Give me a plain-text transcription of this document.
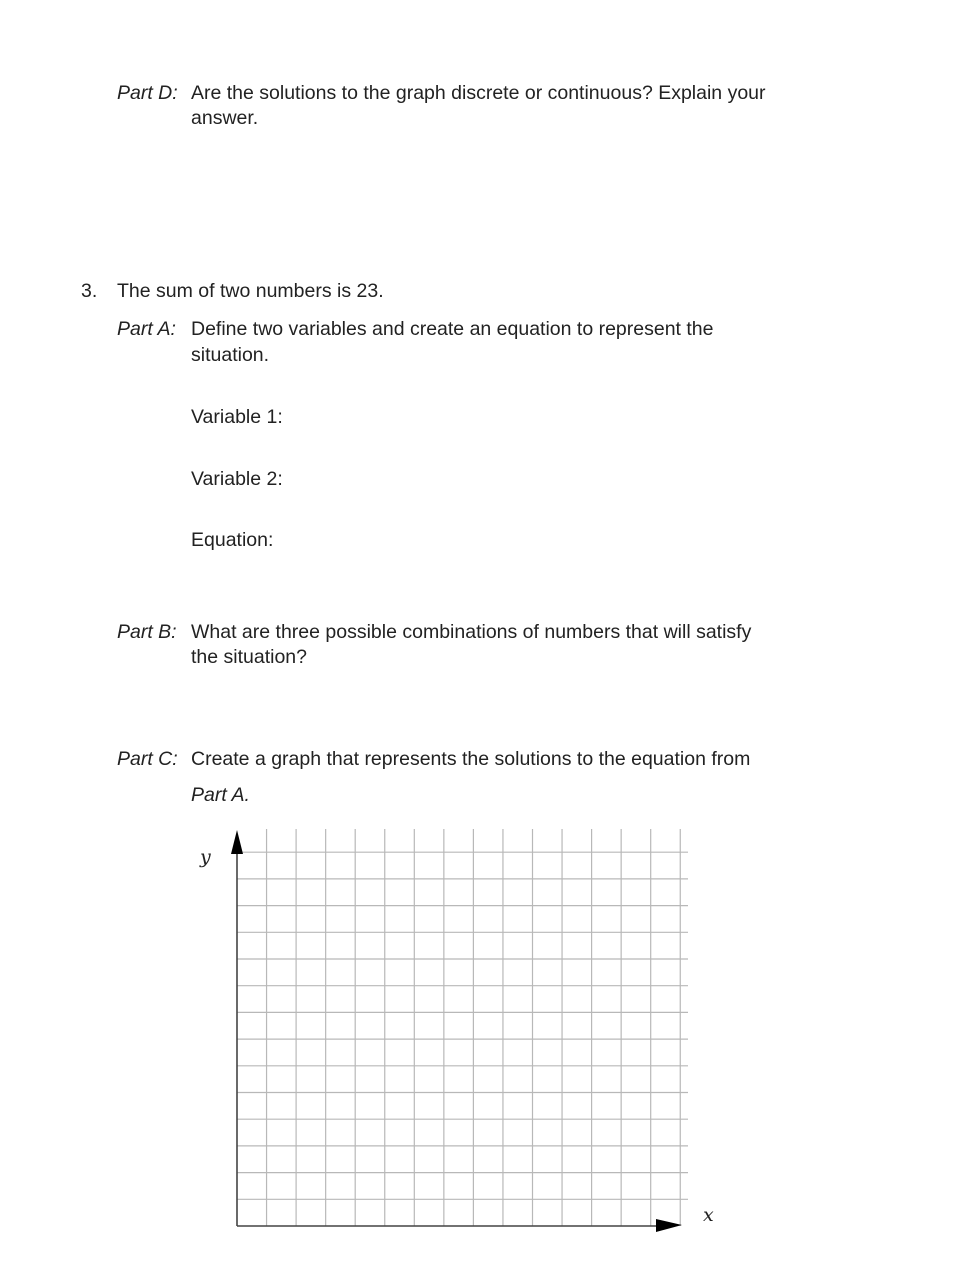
Part D: Are the solutions to the graph discrete or continuous? Explain your
answer.
3. The sum of two numbers is 23.
Part A: Define two variables and create an equation to represent the
situation.
Variable 1:
Variable 2:
Equation:
Part B: What are three possible combinations of numbers that will satisfy
the situation?
Part C: Create a graph that represents the solutions to the equation from
Part A.
y
x
